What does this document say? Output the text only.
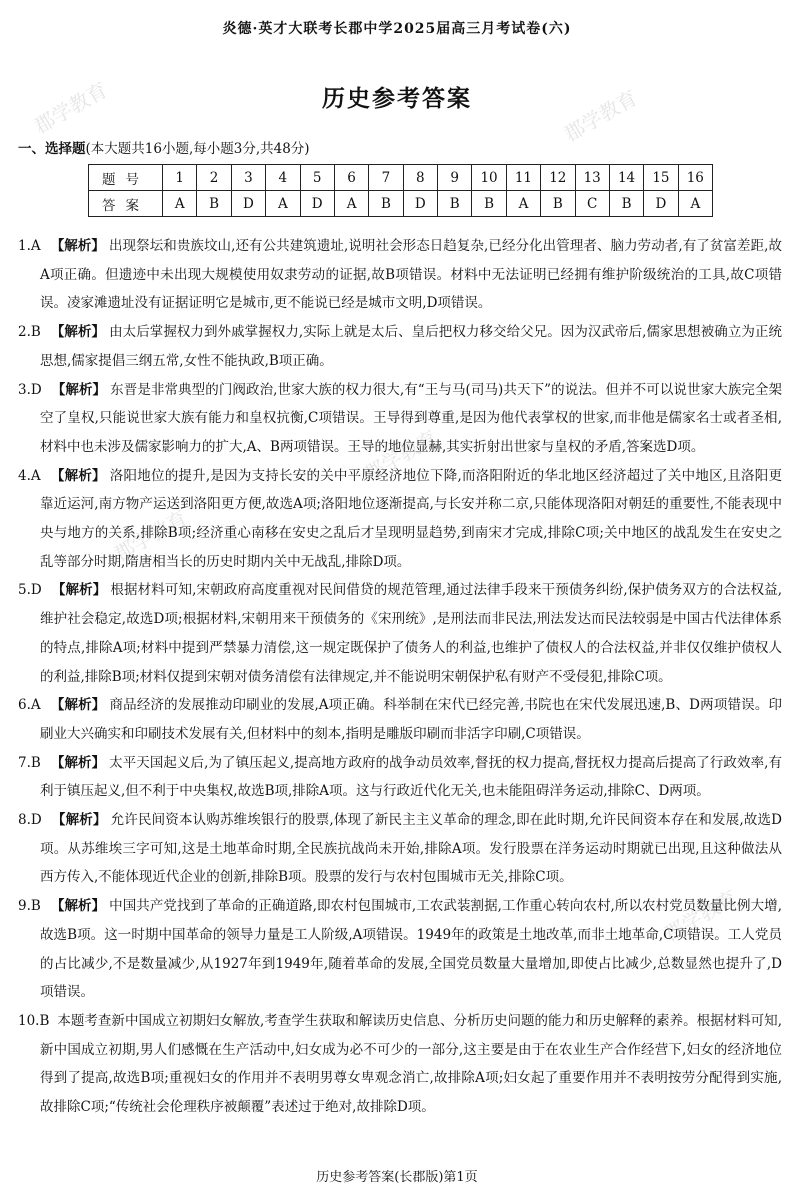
郡学教育	郡学教育
郡学教育
郡学教育
郡学教育
炎德·英才大联考长郡中学2025届高三月考试卷(六)
历史参考答案
一、选择题(本大题共16小题,每小题3分,共48分)
题号	1	2	3	4	5	6	7	8	9	10	11	12	13	14	15	16
答案	A	B	D	A	D	A	B	D	B	B	A	B	C	B	D	A

1.A 【解析】 出现祭坛和贵族坟山,还有公共建筑遗址,说明社会形态日趋复杂,已经分化出管理者、脑力劳动者,有了贫富差距,故A项正确。但遗迹中未出现大规模使用奴隶劳动的证据,故B项错误。材料中无法证明已经拥有维护阶级统治的工具,故C项错误。凌家滩遗址没有证据证明它是城市,更不能说已经是城市文明,D项错误。

2.B 【解析】 由太后掌握权力到外戚掌握权力,实际上就是太后、皇后把权力移交给父兄。因为汉武帝后,儒家思想被确立为正统思想,儒家提倡三纲五常,女性不能执政,B项正确。

3.D 【解析】 东晋是非常典型的门阀政治,世家大族的权力很大,有“王与马(司马)共天下”的说法。但并不可以说世家大族完全架空了皇权,只能说世家大族有能力和皇权抗衡,C项错误。王导得到尊重,是因为他代表掌权的世家,而非他是儒家名士或者圣相,材料中也未涉及儒家影响力的扩大,A、B两项错误。王导的地位显赫,其实折射出世家与皇权的矛盾,答案选D项。

4.A 【解析】 洛阳地位的提升,是因为支持长安的关中平原经济地位下降,而洛阳附近的华北地区经济超过了关中地区,且洛阳更靠近运河,南方物产运送到洛阳更方便,故选A项;洛阳地位逐渐提高,与长安并称二京,只能体现洛阳对朝廷的重要性,不能表现中央与地方的关系,排除B项;经济重心南移在安史之乱后才呈现明显趋势,到南宋才完成,排除C项;关中地区的战乱发生在安史之乱等部分时期,隋唐相当长的历史时期内关中无战乱,排除D项。

5.D 【解析】 根据材料可知,宋朝政府高度重视对民间借贷的规范管理,通过法律手段来干预债务纠纷,保护债务双方的合法权益,维护社会稳定,故选D项;根据材料,宋朝用来干预债务的《宋刑统》,是刑法而非民法,刑法发达而民法较弱是中国古代法律体系的特点,排除A项;材料中提到严禁暴力清偿,这一规定既保护了债务人的利益,也维护了债权人的合法权益,并非仅仅维护债权人的利益,排除B项;材料仅提到宋朝对债务清偿有法律规定,并不能说明宋朝保护私有财产不受侵犯,排除C项。

6.A 【解析】 商品经济的发展推动印刷业的发展,A项正确。科举制在宋代已经完善,书院也在宋代发展迅速,B、D两项错误。印刷业大兴确实和印刷技术发展有关,但材料中的刻本,指明是雕版印刷而非活字印刷,C项错误。

7.B 【解析】 太平天国起义后,为了镇压起义,提高地方政府的战争动员效率,督抚的权力提高,督抚权力提高后提高了行政效率,有利于镇压起义,但不利于中央集权,故选B项,排除A项。这与行政近代化无关,也未能阻碍洋务运动,排除C、D两项。

8.D 【解析】 允许民间资本认购苏维埃银行的股票,体现了新民主主义革命的理念,即在此时期,允许民间资本存在和发展,故选D项。从苏维埃三字可知,这是土地革命时期,全民族抗战尚未开始,排除A项。发行股票在洋务运动时期就已出现,且这种做法从西方传入,不能体现近代企业的创新,排除B项。股票的发行与农村包围城市无关,排除C项。

9.B 【解析】 中国共产党找到了革命的正确道路,即农村包围城市,工农武装割据,工作重心转向农村,所以农村党员数量比例大增,故选B项。这一时期中国革命的领导力量是工人阶级,A项错误。1949年的政策是土地改革,而非土地革命,C项错误。工人党员的占比减少,不是数量减少,从1927年到1949年,随着革命的发展,全国党员数量大量增加,即使占比减少,总数显然也提升了,D项错误。

10.B 本题考查新中国成立初期妇女解放,考查学生获取和解读历史信息、分析历史问题的能力和历史解释的素养。根据材料可知,新中国成立初期,男人们感慨在生产活动中,妇女成为必不可少的一部分,这主要是由于在农业生产合作经营下,妇女的经济地位得到了提高,故选B项;重视妇女的作用并不表明男尊女卑观念消亡,故排除A项;妇女起了重要作用并不表明按劳分配得到实施,故排除C项;“传统社会伦理秩序被颠覆”表述过于绝对,故排除D项。

历史参考答案(长郡版)第1页
